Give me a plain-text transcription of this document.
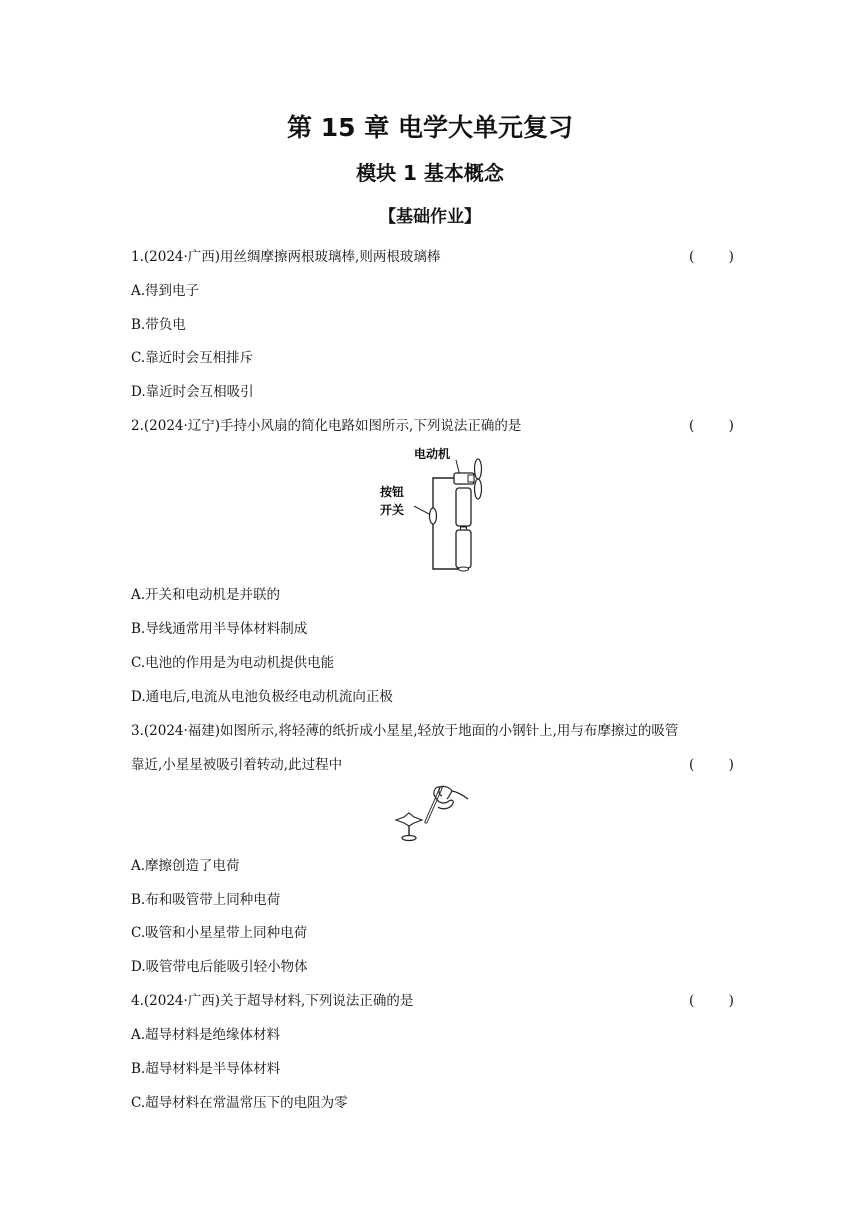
第 15 章 电学大单元复习
模块 1 基本概念
【基础作业】
1.(2024·广西)用丝绸摩擦两根玻璃棒,则两根玻璃棒	(        )
A.得到电子
B.带负电
C.靠近时会互相排斥
D.靠近时会互相吸引
2.(2024·辽宁)手持小风扇的简化电路如图所示,下列说法正确的是	(        )
电动机
按钮
开关
A.开关和电动机是并联的
B.导线通常用半导体材料制成
C.电池的作用是为电动机提供电能
D.通电后,电流从电池负极经电动机流向正极
3.(2024·福建)如图所示,将轻薄的纸折成小星星,轻放于地面的小钢针上,用与布摩擦过的吸管
靠近,小星星被吸引着转动,此过程中	(        )
A.摩擦创造了电荷
B.布和吸管带上同种电荷
C.吸管和小星星带上同种电荷
D.吸管带电后能吸引轻小物体
4.(2024·广西)关于超导材料,下列说法正确的是	(        )
A.超导材料是绝缘体材料
B.超导材料是半导体材料
C.超导材料在常温常压下的电阻为零
